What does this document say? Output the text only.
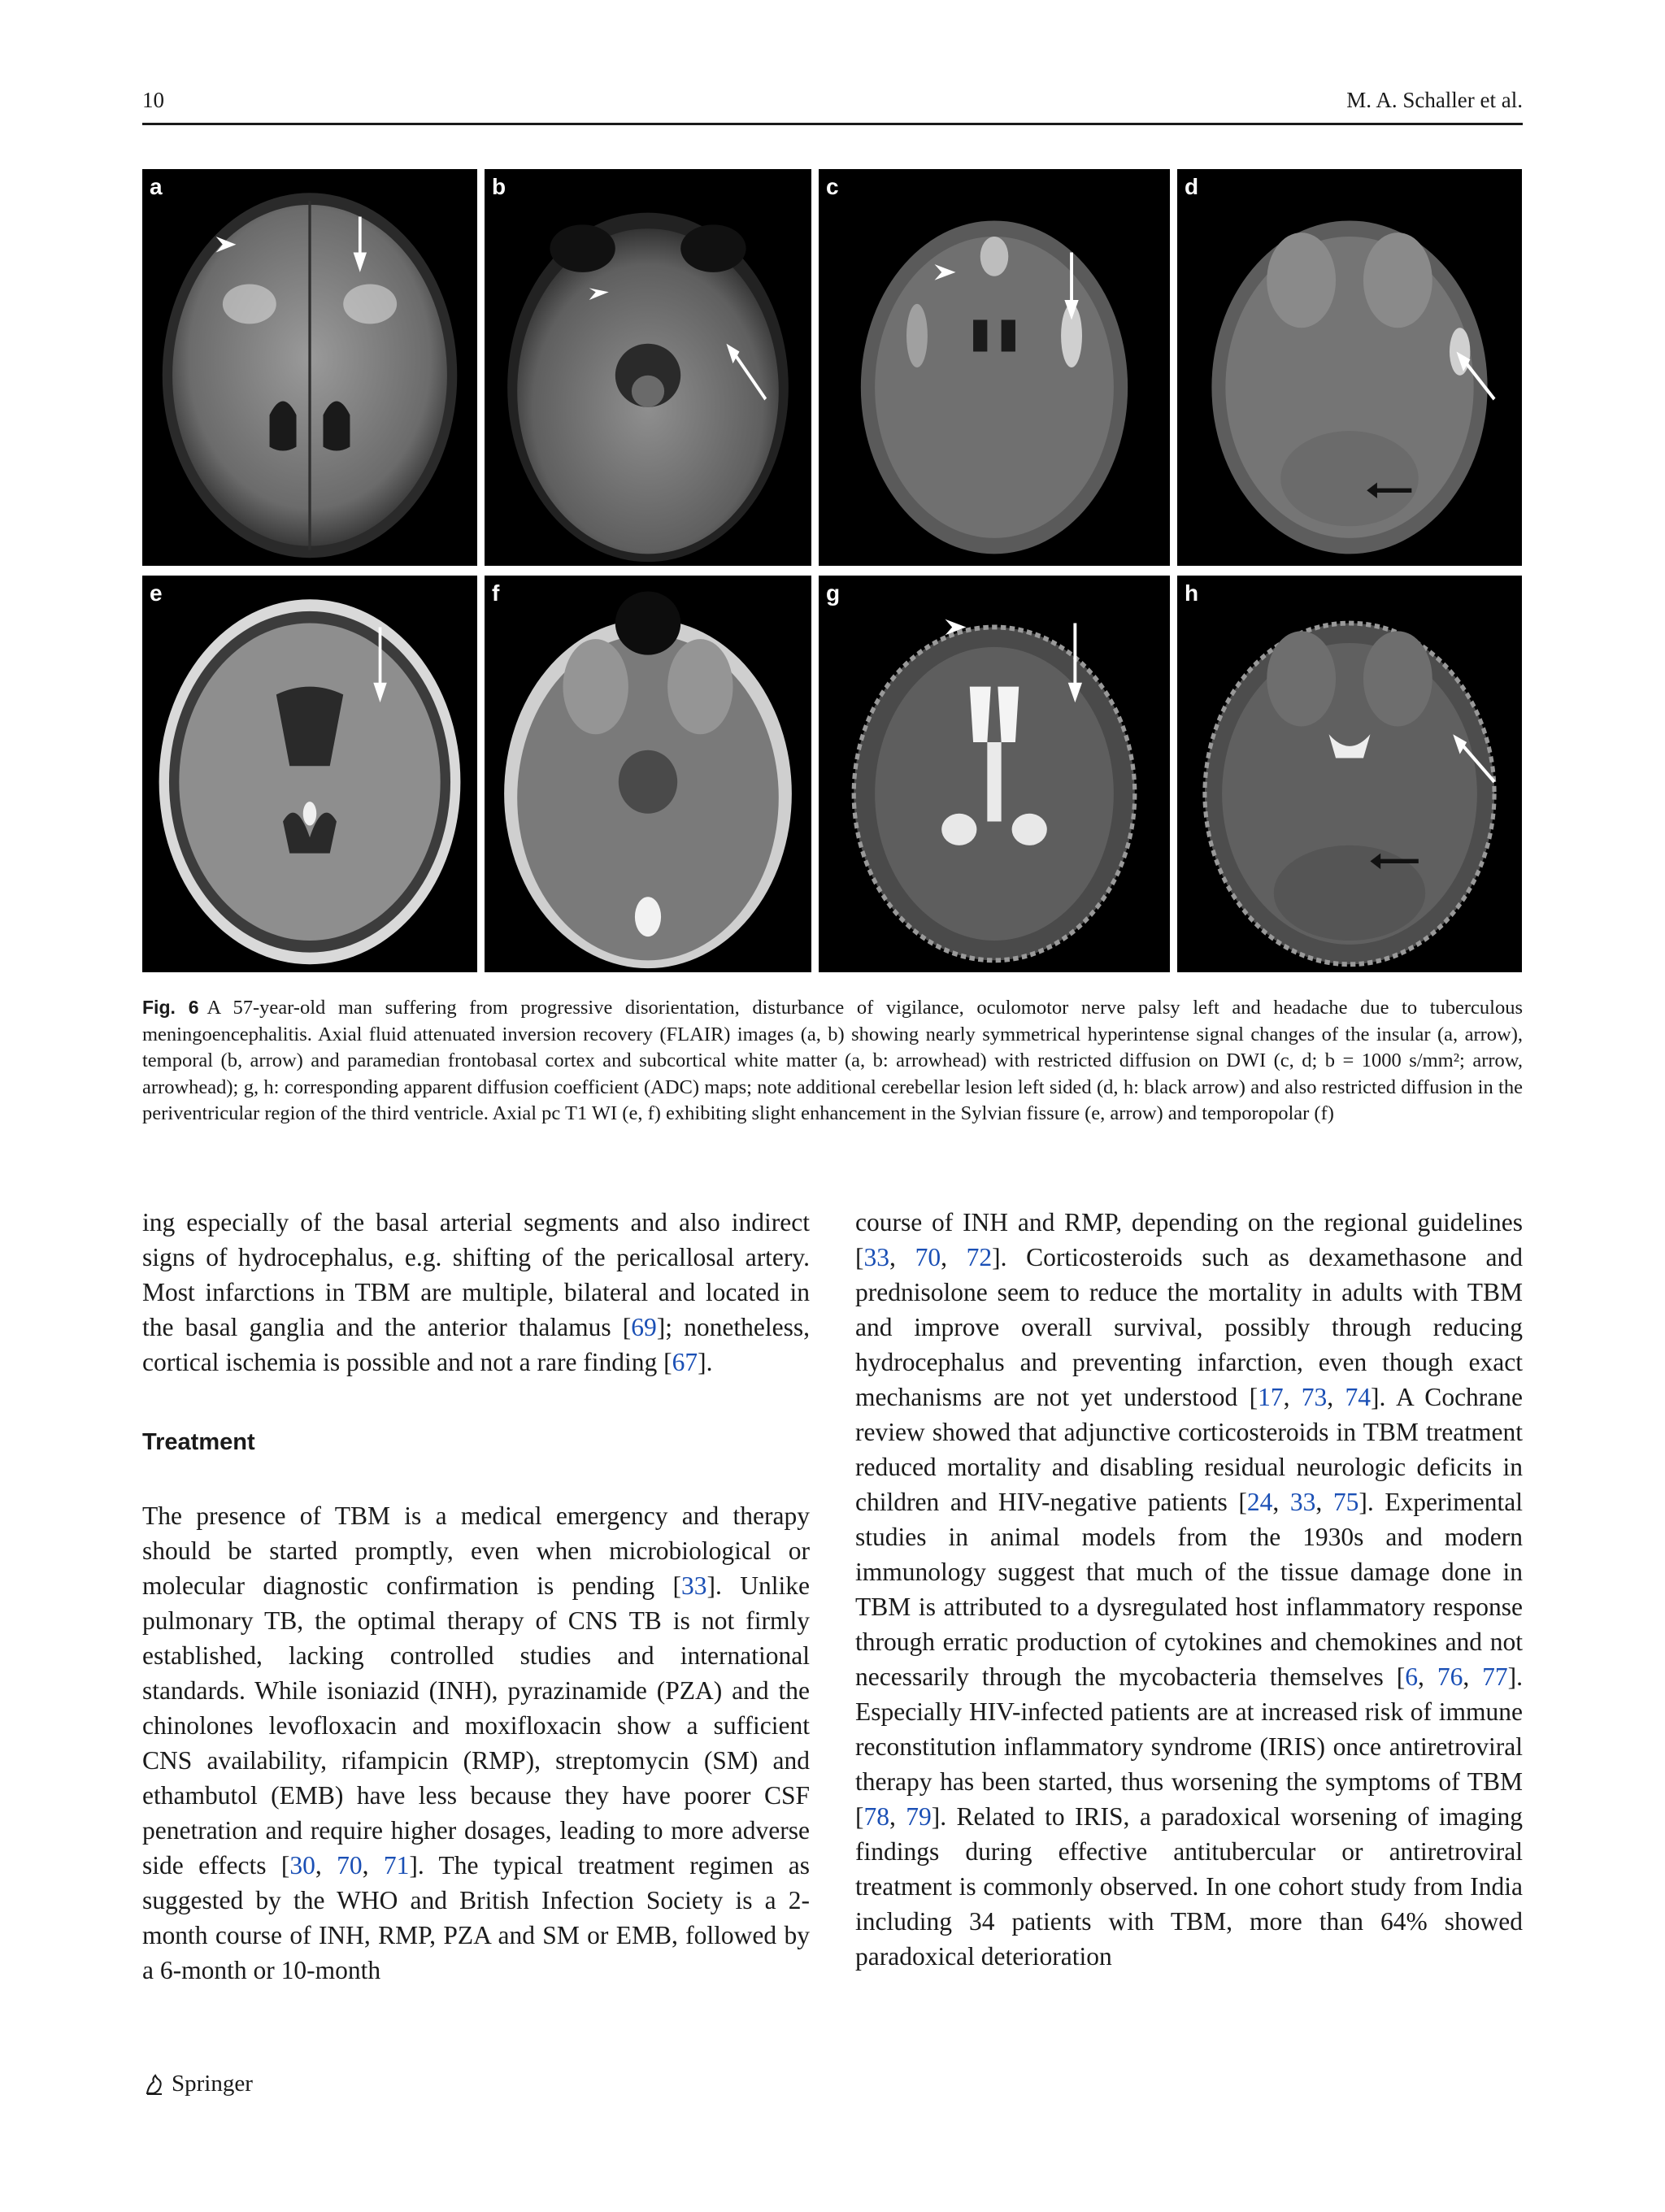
10	M. A. Schaller et al.
a	b	c	d
e	f	g	h
Fig. 6 A 57-year-old man suffering from progressive disorientation, disturbance of vigilance, oculomotor nerve palsy left and headache due to tuberculous meningoencephalitis. Axial fluid attenuated inversion recovery (FLAIR) images (a, b) showing nearly symmetrical hyperintense signal changes of the insular (a, arrow), temporal (b, arrow) and paramedian frontobasal cortex and subcortical white matter (a, b: arrowhead) with restricted diffusion on DWI (c, d; b = 1000 s/mm²; arrow, arrowhead); g, h: corresponding apparent diffusion coefficient (ADC) maps; note additional cerebellar lesion left sided (d, h: black arrow) and also restricted diffusion in the periventricular region of the third ventricle. Axial pc T1 WI (e, f) exhibiting slight enhancement in the Sylvian fissure (e, arrow) and temporopolar (f)

ing especially of the basal arterial segments and also indirect signs of hydrocephalus, e.g. shifting of the pericallosal artery. Most infarctions in TBM are multiple, bilateral and located in the basal ganglia and the anterior thalamus [69]; nonetheless, cortical ischemia is possible and not a rare finding [67].

Treatment

The presence of TBM is a medical emergency and therapy should be started promptly, even when microbiological or molecular diagnostic confirmation is pending [33]. Unlike pulmonary TB, the optimal therapy of CNS TB is not firmly established, lacking controlled studies and international standards. While isoniazid (INH), pyrazinamide (PZA) and the chinolones levofloxacin and moxifloxacin show a sufficient CNS availability, rifampicin (RMP), streptomycin (SM) and ethambutol (EMB) have less because they have poorer CSF penetration and require higher dosages, leading to more adverse side effects [30, 70, 71]. The typical treatment regimen as suggested by the WHO and British Infection Society is a 2-month course of INH, RMP, PZA and SM or EMB, followed by a 6-month or 10-month

course of INH and RMP, depending on the regional guidelines [33, 70, 72]. Corticosteroids such as dexamethasone and prednisolone seem to reduce the mortality in adults with TBM and improve overall survival, possibly through reducing hydrocephalus and preventing infarction, even though exact mechanisms are not yet understood [17, 73, 74]. A Cochrane review showed that adjunctive corticosteroids in TBM treatment reduced mortality and disabling residual neurologic deficits in children and HIV-negative patients [24, 33, 75]. Experimental studies in animal models from the 1930s and modern immunology suggest that much of the tissue damage done in TBM is attributed to a dysregulated host inflammatory response through erratic production of cytokines and chemokines and not necessarily through the mycobacteria themselves [6, 76, 77]. Especially HIV-infected patients are at increased risk of immune reconstitution inflammatory syndrome (IRIS) once antiretroviral therapy has been started, thus worsening the symptoms of TBM [78, 79]. Related to IRIS, a paradoxical worsening of imaging findings during effective antitubercular or antiretroviral treatment is commonly observed. In one cohort study from India including 34 patients with TBM, more than 64% showed paradoxical deterioration

Springer
